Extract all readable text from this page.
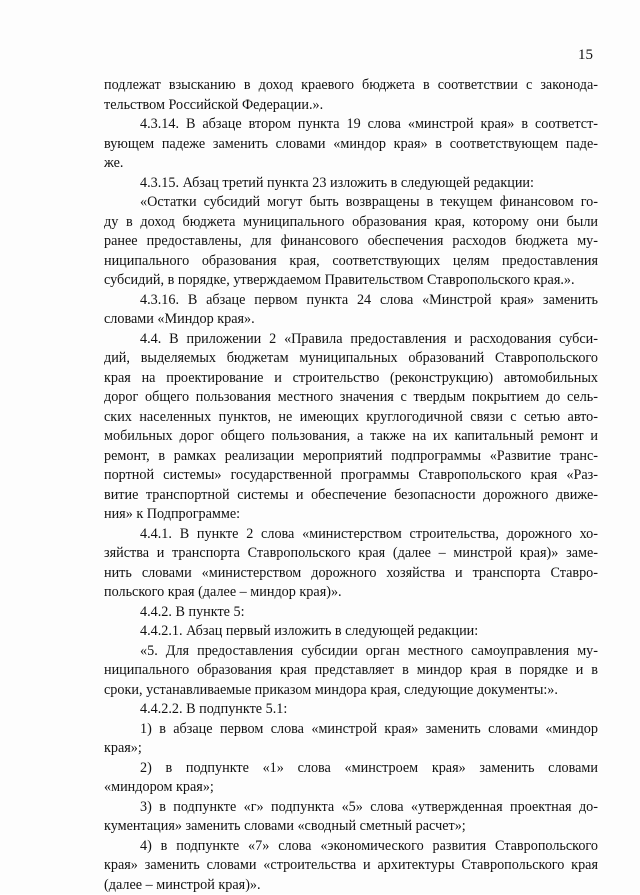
15
подлежат взысканию в доход краевого бюджета в соответствии с законода-
тельством Российской Федерации.».
4.3.14. В абзаце втором пункта 19 слова «минстрой края» в соответст-
вующем падеже заменить словами «миндор края» в соответствующем паде-
же.
4.3.15. Абзац третий пункта 23 изложить в следующей редакции:
«Остатки субсидий могут быть возвращены в текущем финансовом го-
ду в доход бюджета муниципального образования края, которому они были
ранее предоставлены, для финансового обеспечения расходов бюджета му-
ниципального образования края, соответствующих целям предоставления
субсидий, в порядке, утверждаемом Правительством Ставропольского края.».
4.3.16. В абзаце первом пункта 24 слова «Минстрой края» заменить
словами «Миндор края».
4.4. В приложении 2 «Правила предоставления и расходования субси-
дий, выделяемых бюджетам муниципальных образований Ставропольского
края на проектирование и строительство (реконструкцию) автомобильных
дорог общего пользования местного значения с твердым покрытием до сель-
ских населенных пунктов, не имеющих круглогодичной связи с сетью авто-
мобильных дорог общего пользования, а также на их капитальный ремонт и
ремонт, в рамках реализации мероприятий подпрограммы «Развитие транс-
портной системы» государственной программы Ставропольского края «Раз-
витие транспортной системы и обеспечение безопасности дорожного движе-
ния» к Подпрограмме:
4.4.1. В пункте 2 слова «министерством строительства, дорожного хо-
зяйства и транспорта Ставропольского края (далее – минстрой края)» заме-
нить словами «министерством дорожного хозяйства и транспорта Ставро-
польского края (далее – миндор края)».
4.4.2. В пункте 5:
4.4.2.1. Абзац первый изложить в следующей редакции:
«5. Для предоставления субсидии орган местного самоуправления му-
ниципального образования края представляет в миндор края в порядке и в
сроки, устанавливаемые приказом миндора края, следующие документы:».
4.4.2.2. В подпункте 5.1:
1) в абзаце первом слова «минстрой края» заменить словами «миндор
края»;
2) в подпункте «1» слова «минстроем края» заменить словами
«миндором края»;
3) в подпункте «г» подпункта «5» слова «утвержденная проектная до-
кументация» заменить словами «сводный сметный расчет»;
4) в подпункте «7» слова «экономического развития Ставропольского
края» заменить словами «строительства и архитектуры Ставропольского края
(далее – минстрой края)».
